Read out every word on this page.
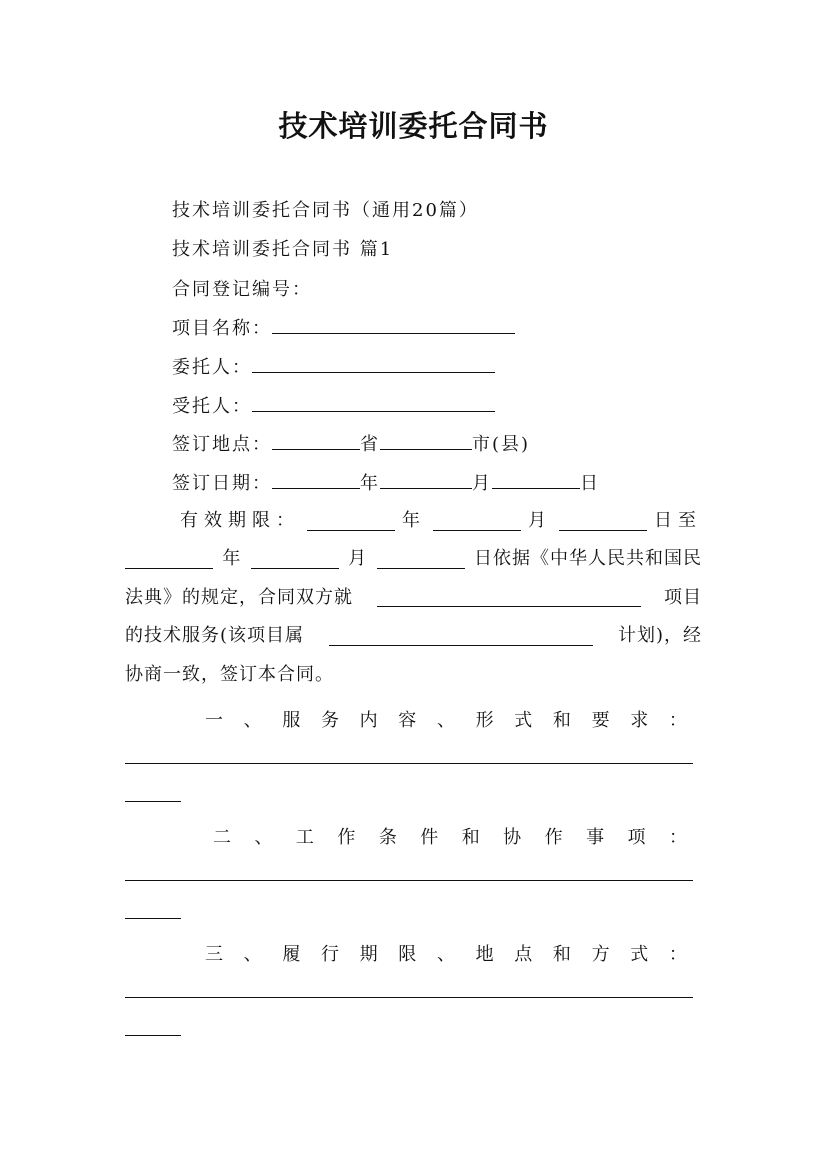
技术培训委托合同书
技术培训委托合同书（通用20篇）
技术培训委托合同书 篇1
合同登记编号：
项目名称：
委托人：
受托人：
签订地点：	省	市(县)
签订日期：	年	月	日
有效期限：	年	月	日至
年	月	日依据《中华人民共和国民
法典》的规定，合同双方就	项目
的技术服务(该项目属	计划)，经
协商一致，签订本合同。
一 、 服 务 内 容 、 形 式 和 要 求 ：
二 、 工 作 条 件 和 协 作 事 项 ：
三 、 履 行 期 限 、 地 点 和 方 式 ：
